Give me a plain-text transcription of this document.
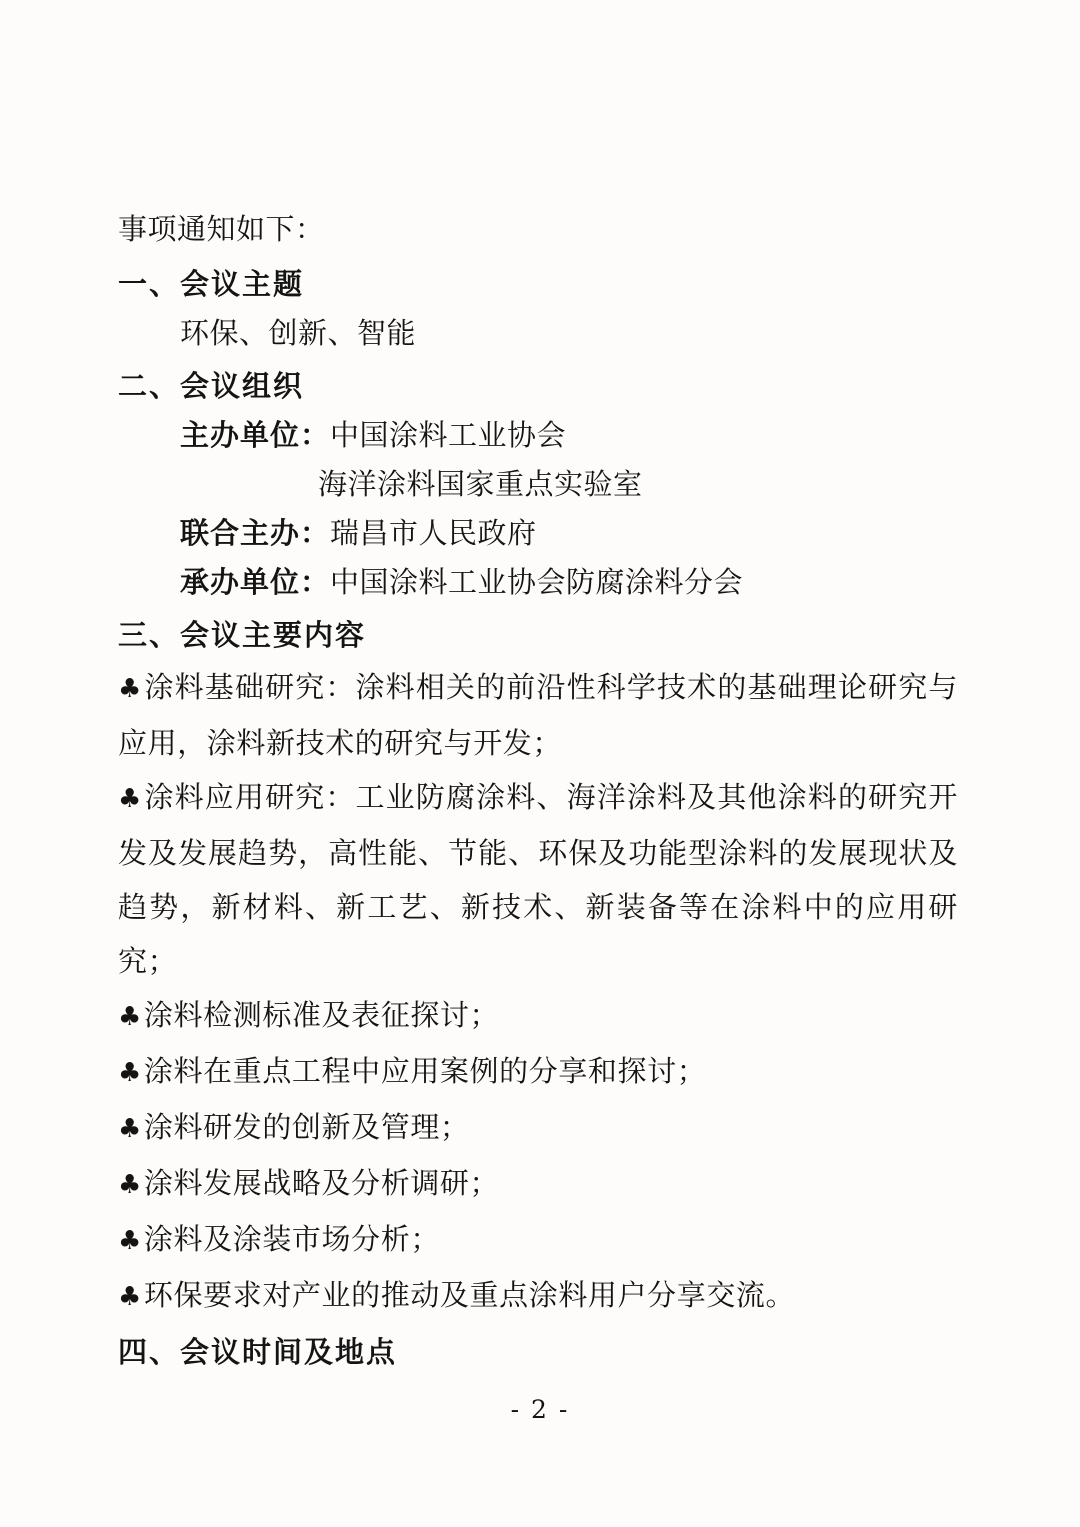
事项通知如下：
一、会议主题
环保、创新、智能
二、会议组织
主办单位：中国涂料工业协会
海洋涂料国家重点实验室
联合主办：瑞昌市人民政府
承办单位：中国涂料工业协会防腐涂料分会
三、会议主要内容
♣涂料基础研究：涂料相关的前沿性科学技术的基础理论研究与应用，涂料新技术的研究与开发；
♣涂料应用研究：工业防腐涂料、海洋涂料及其他涂料的研究开发及发展趋势，高性能、节能、环保及功能型涂料的发展现状及趋势，新材料、新工艺、新技术、新装备等在涂料中的应用研究；
♣涂料检测标准及表征探讨；
♣涂料在重点工程中应用案例的分享和探讨；
♣涂料研发的创新及管理；
♣涂料发展战略及分析调研；
♣涂料及涂装市场分析；
♣环保要求对产业的推动及重点涂料用户分享交流。
四、会议时间及地点
- 2 -
